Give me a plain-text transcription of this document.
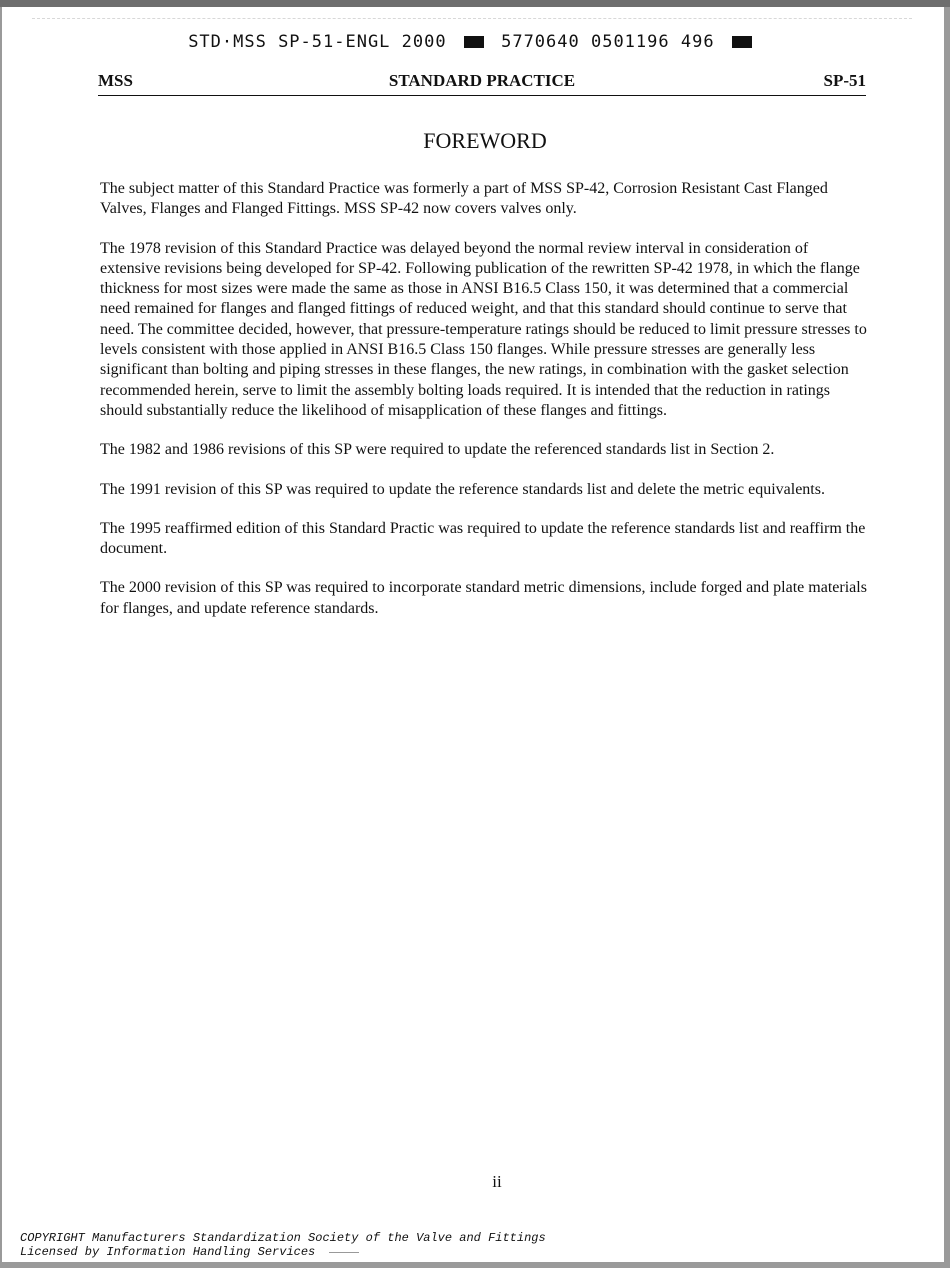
STD·MSS SP-51-ENGL 2000	5770640 0501196 496
MSS	STANDARD PRACTICE	SP-51
FOREWORD

The subject matter of this Standard Practice was formerly a part of MSS SP-42, Corrosion Resistant Cast Flanged Valves, Flanges and Flanged Fittings. MSS SP-42 now covers valves only.

The 1978 revision of this Standard Practice was delayed beyond the normal review interval in consideration of extensive revisions being developed for SP-42. Following publication of the rewritten SP-42 1978, in which the flange thickness for most sizes were made the same as those in ANSI B16.5 Class 150, it was determined that a commercial need remained for flanges and flanged fittings of reduced weight, and that this standard should continue to serve that need. The committee decided, however, that pressure-temperature ratings should be reduced to limit pressure stresses to levels consistent with those applied in ANSI B16.5 Class 150 flanges. While pressure stresses are generally less significant than bolting and piping stresses in these flanges, the new ratings, in combination with the gasket selection recommended herein, serve to limit the assembly bolting loads required. It is intended that the reduction in ratings should substantially reduce the likelihood of misapplication of these flanges and fittings.

The 1982 and 1986 revisions of this SP were required to update the referenced standards list in Section 2.

The 1991 revision of this SP was required to update the reference standards list and delete the metric equivalents.

The 1995 reaffirmed edition of this Standard Practic was required to update the reference standards list and reaffirm the document.

The 2000 revision of this SP was required to incorporate standard metric dimensions, include forged and plate materials for flanges, and update reference standards.

ii
COPYRIGHT Manufacturers Standardization Society of the Valve and Fittings
Licensed by Information Handling Services
